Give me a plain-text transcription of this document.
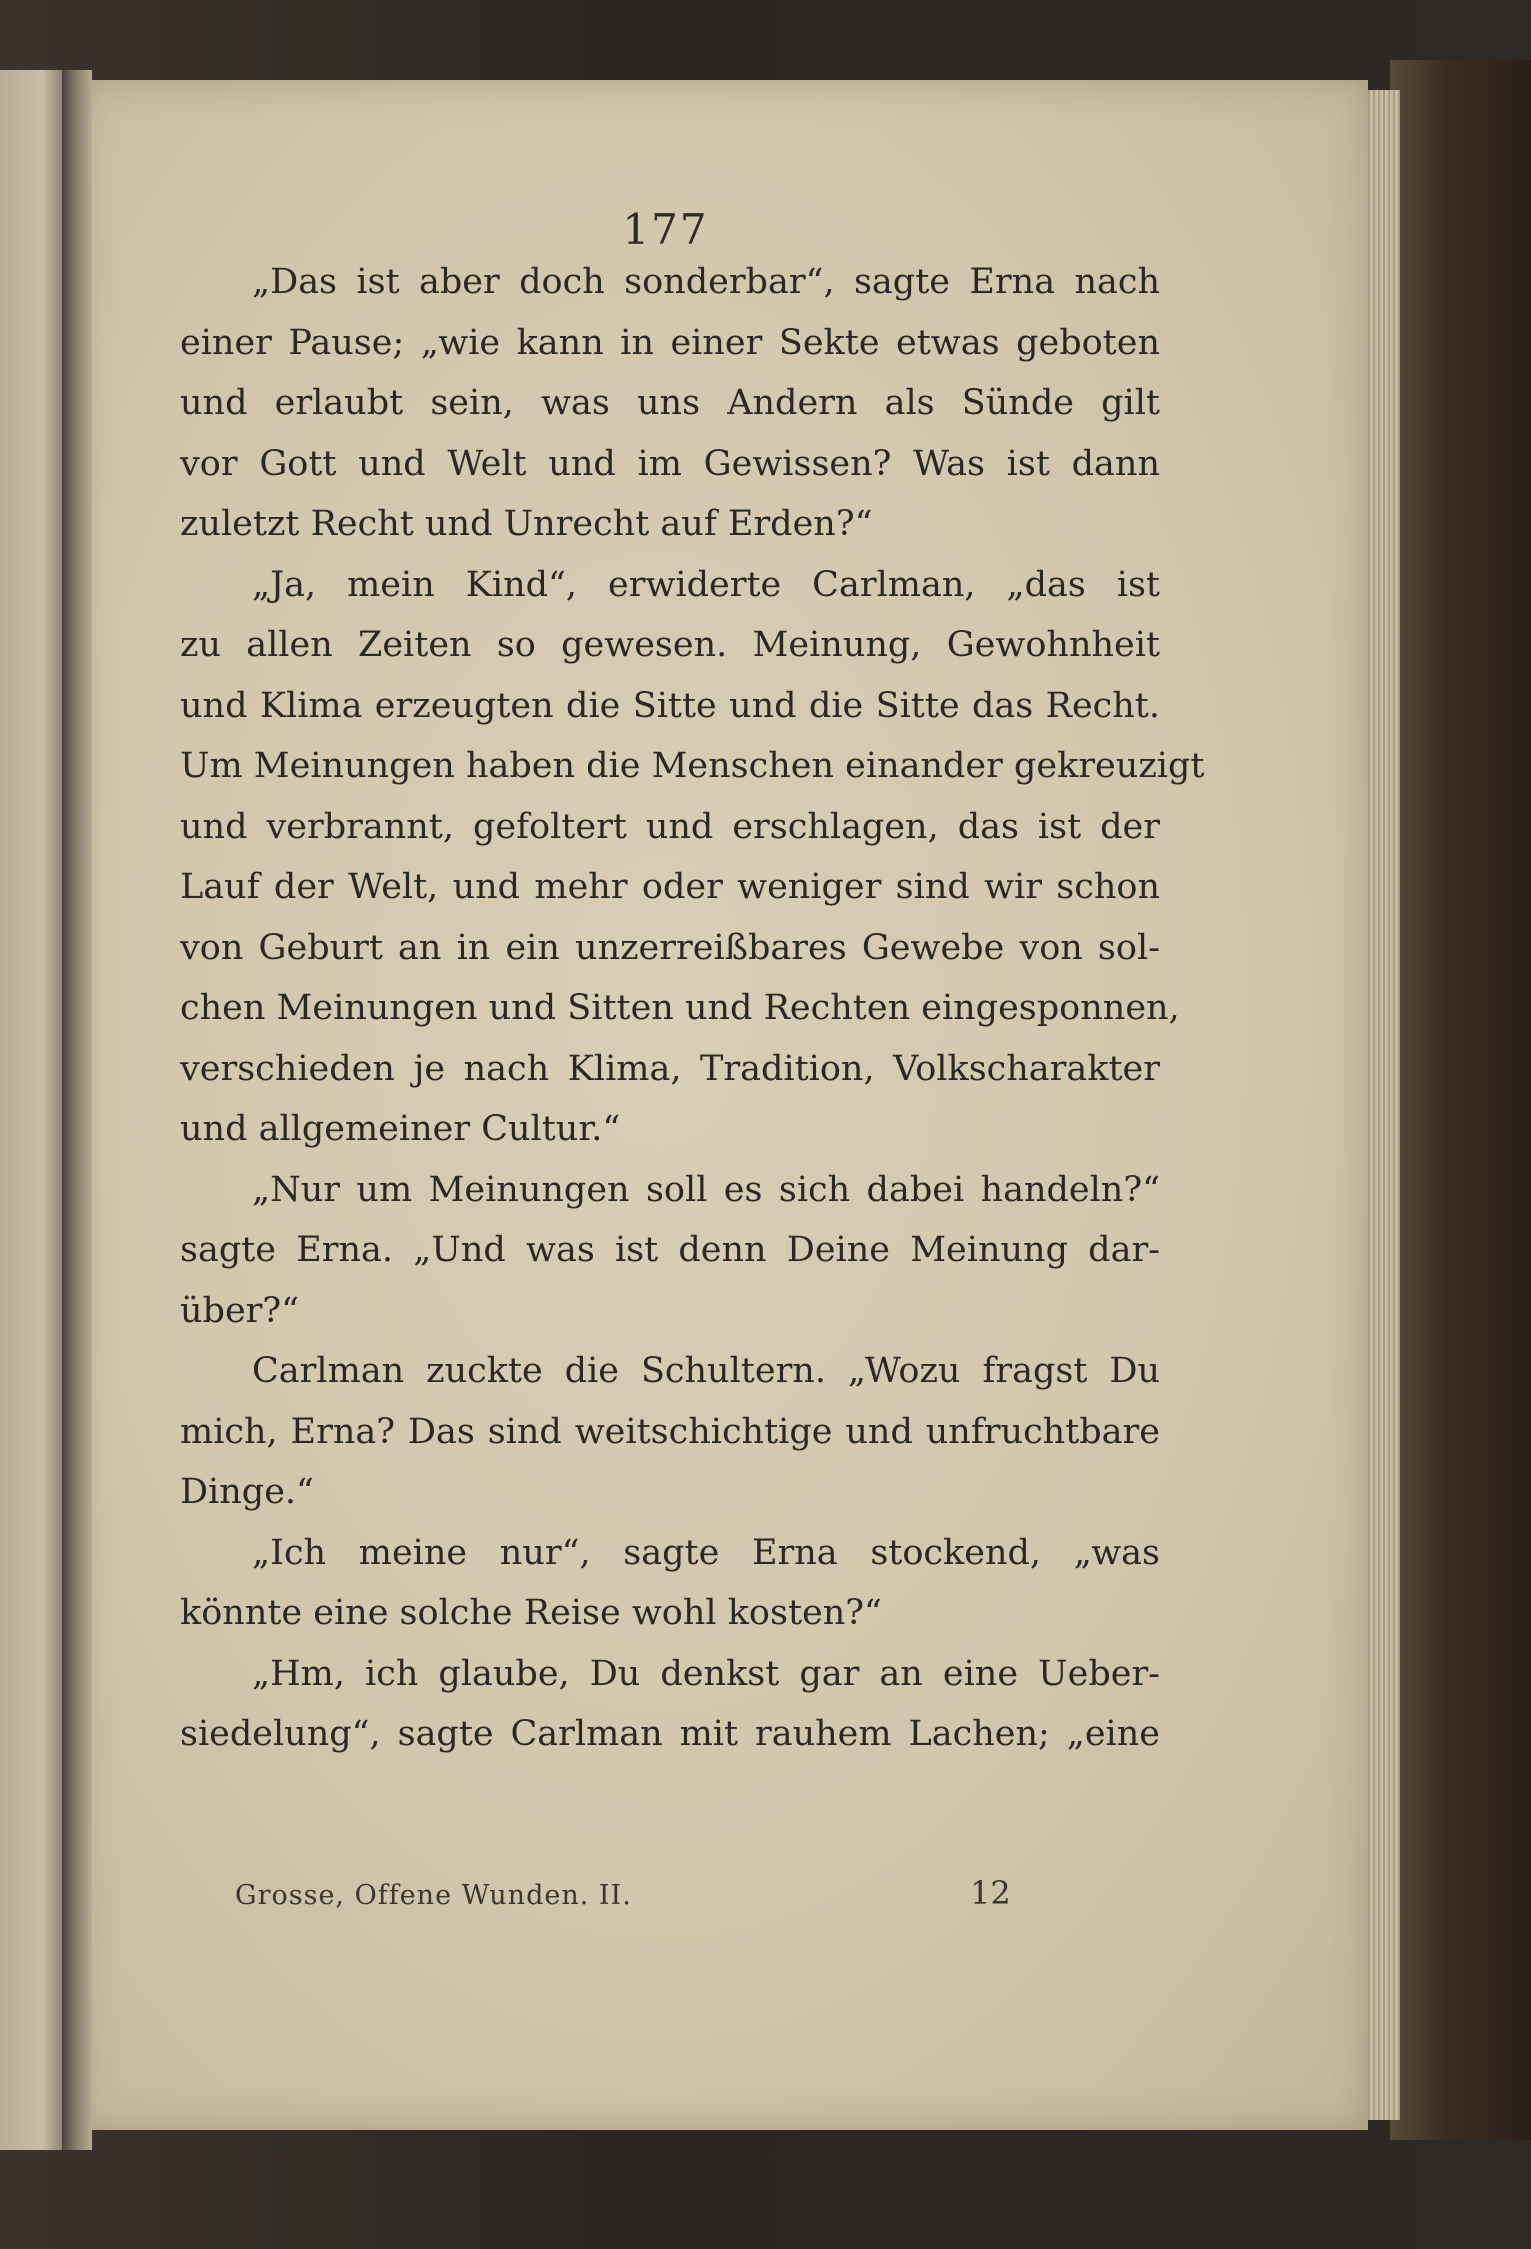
177
„Das ist aber doch sonderbar“, sagte Erna nach
einer Pause; „wie kann in einer Sekte etwas geboten
und erlaubt sein, was uns Andern als Sünde gilt
vor Gott und Welt und im Gewissen? Was ist dann
zuletzt Recht und Unrecht auf Erden?“
„Ja, mein Kind“, erwiderte Carlman, „das ist
zu allen Zeiten so gewesen. Meinung, Gewohnheit
und Klima erzeugten die Sitte und die Sitte das Recht.
Um Meinungen haben die Menschen einander gekreuzigt
und verbrannt, gefoltert und erschlagen, das ist der
Lauf der Welt, und mehr oder weniger sind wir schon
von Geburt an in ein unzerreißbares Gewebe von sol-
chen Meinungen und Sitten und Rechten eingesponnen,
verschieden je nach Klima, Tradition, Volkscharakter
und allgemeiner Cultur.“
„Nur um Meinungen soll es sich dabei handeln?“
sagte Erna. „Und was ist denn Deine Meinung dar-
über?“
Carlman zuckte die Schultern. „Wozu fragst Du
mich, Erna? Das sind weitschichtige und unfruchtbare
Dinge.“
„Ich meine nur“, sagte Erna stockend, „was
könnte eine solche Reise wohl kosten?“
„Hm, ich glaube, Du denkst gar an eine Ueber-
siedelung“, sagte Carlman mit rauhem Lachen; „eine
Grosse, Offene Wunden. II.	12
